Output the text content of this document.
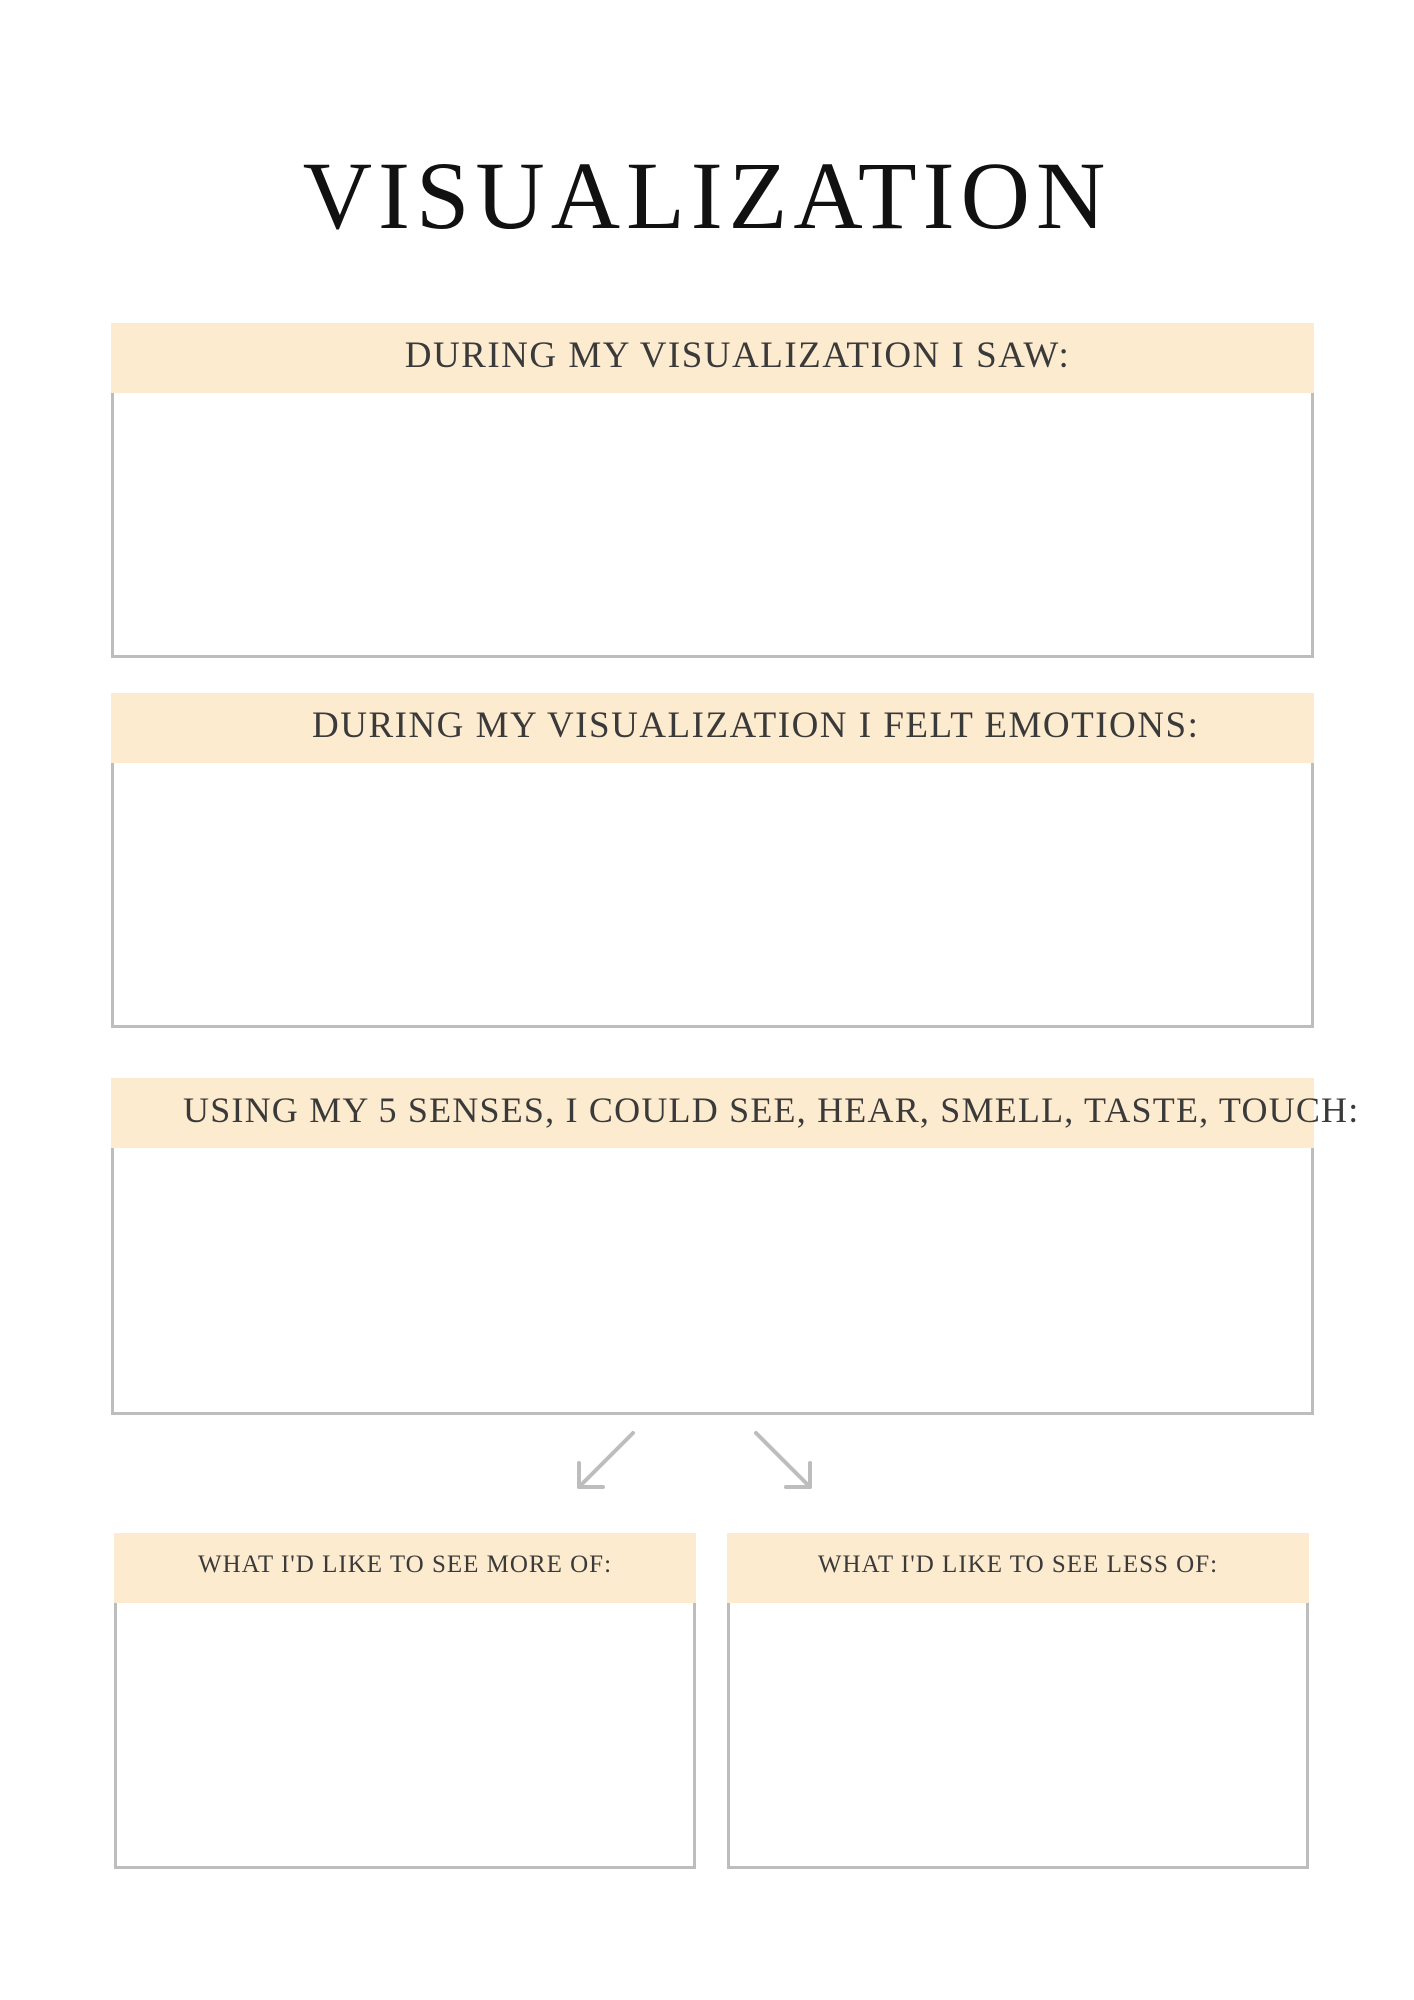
VISUALIZATION
DURING MY VISUALIZATION I SAW:
DURING MY VISUALIZATION I FELT EMOTIONS:
USING MY 5 SENSES, I COULD SEE, HEAR, SMELL, TASTE, TOUCH:
WHAT I'D LIKE TO SEE MORE OF:	WHAT I'D LIKE TO SEE LESS OF:
